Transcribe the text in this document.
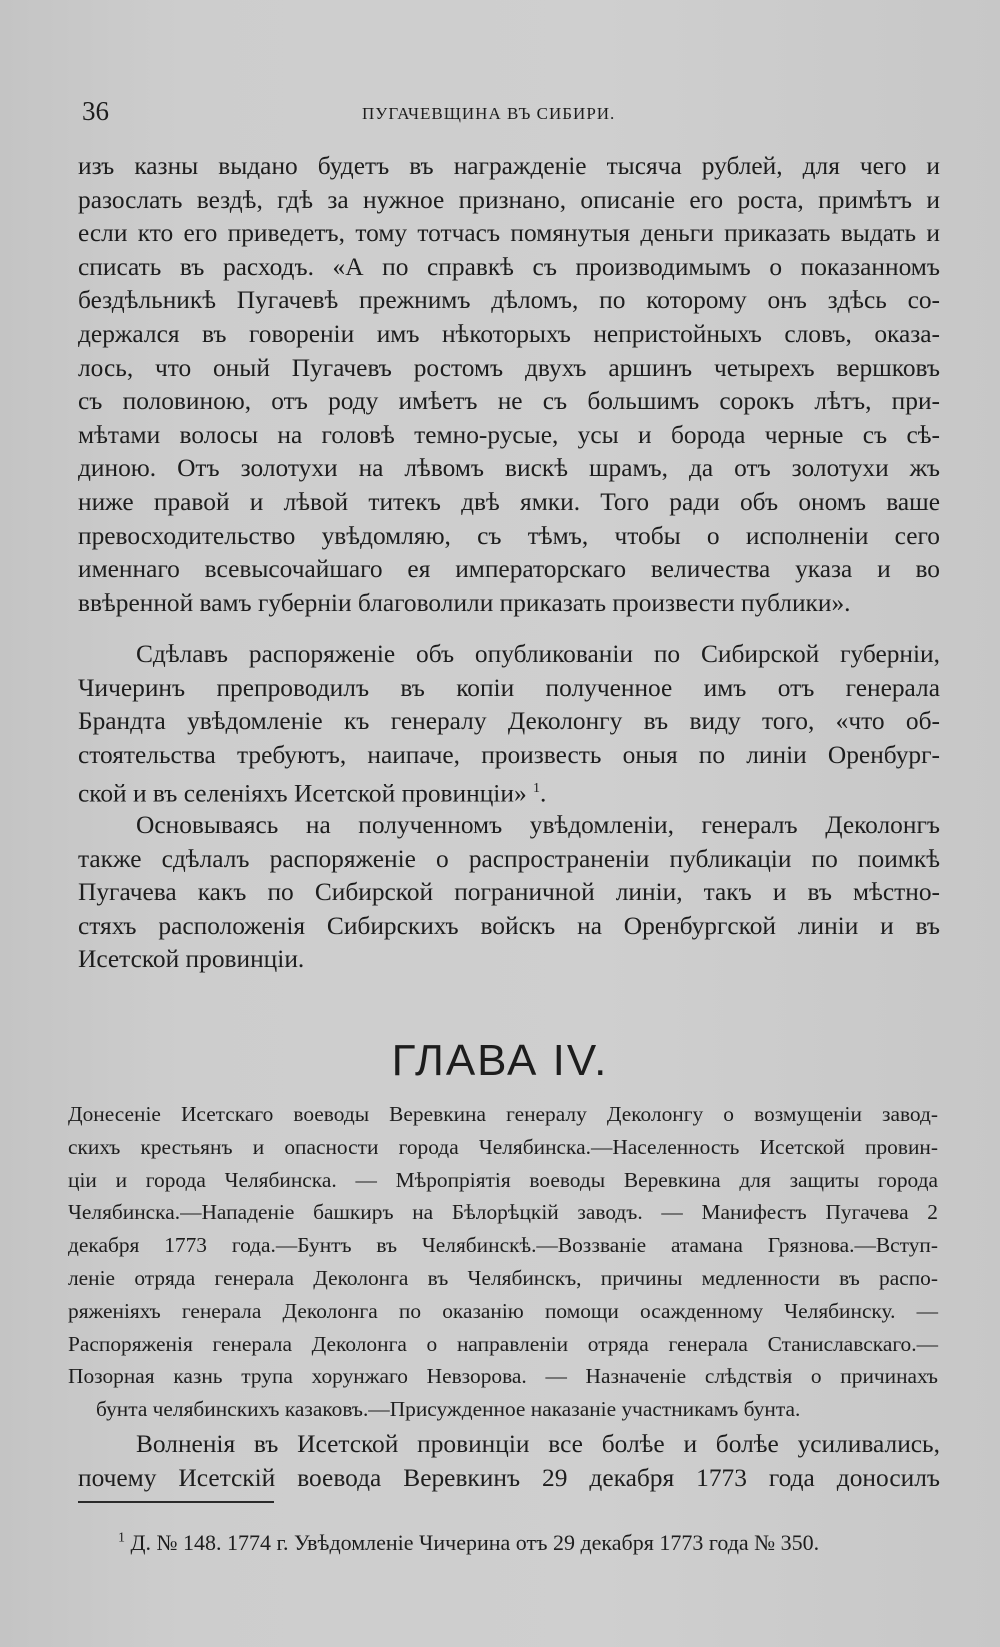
36	ПУГАЧЕВЩИНА ВЪ СИБИРИ.
изъ казны выдано будетъ въ награжденіе тысяча рублей, для чего и
разослать вездѣ, гдѣ за нужное признано, описаніе его роста, примѣтъ и
если кто его приведетъ, тому тотчасъ помянутыя деньги приказать выдать и
списать въ расходъ. «А по справкѣ съ производимымъ о показанномъ
бездѣльникѣ Пугачевѣ прежнимъ дѣломъ, по которому онъ здѣсь со-
держался въ говореніи имъ нѣкоторыхъ непристойныхъ словъ, оказа-
лось, что оный Пугачевъ ростомъ двухъ аршинъ четырехъ вершковъ
съ половиною, отъ роду имѣетъ не съ большимъ сорокъ лѣтъ, при-
мѣтами волосы на головѣ темно-русые, усы и борода черные съ сѣ-
диною. Отъ золотухи на лѣвомъ вискѣ шрамъ, да отъ золотухи жъ
ниже правой и лѣвой титекъ двѣ ямки. Того ради объ ономъ ваше
превосходительство увѣдомляю, съ тѣмъ, чтобы о исполненіи сего
именнаго всевысочайшаго ея императорскаго величества указа и во
ввѣренной вамъ губерніи благоволили приказать произвести публики».
Сдѣлавъ распоряженіе объ опубликованіи по Сибирской губерніи,
Чичеринъ препроводилъ въ копіи полученное имъ отъ генерала
Брандта увѣдомленіе къ генералу Деколонгу въ виду того, «что об-
стоятельства требуютъ, наипаче, произвесть оныя по линіи Оренбург-
ской и въ селеніяхъ Исетской провинціи» $^1$.
Основываясь на полученномъ увѣдомленіи, генералъ Деколонгъ
также сдѣлалъ распоряженіе о распространеніи публикаціи по поимкѣ
Пугачева какъ по Сибирской пограничной линіи, такъ и въ мѣстно-
стяхъ расположенія Сибирскихъ войскъ на Оренбургской линіи и въ
Исетской провинціи.
ГЛАВА IV.
Донесеніе Исетскаго воеводы Веревкина генералу Деколонгу о возмущеніи завод-
скихъ крестьянъ и опасности города Челябинска.—Населенность Исетской провин-
ціи и города Челябинска. — Мѣропріятія воеводы Веревкина для защиты города
Челябинска.—Нападеніе башкиръ на Бѣлорѣцкій заводъ. — Манифестъ Пугачева 2
декабря 1773 года.—Бунтъ въ Челябинскѣ.—Воззваніе атамана Грязнова.—Вступ-
леніе отряда генерала Деколонга въ Челябинскъ, причины медленности въ распо-
ряженіяхъ генерала Деколонга по оказанію помощи осажденному Челябинску. —
Распоряженія генерала Деколонга о направленіи отряда генерала Станиславскаго.—
Позорная казнь трупа хорунжаго Невзорова. — Назначеніе слѣдствія о причинахъ
бунта челябинскихъ казаковъ.—Присужденное наказаніе участникамъ бунта.
Волненія въ Исетской провинціи все болѣе и болѣе усиливались,
почему Исетскій воевода Веревкинъ 29 декабря 1773 года доносилъ
$^1$ Д. № 148. 1774 г. Увѣдомленіе Чичерина отъ 29 декабря 1773 года № 350.
